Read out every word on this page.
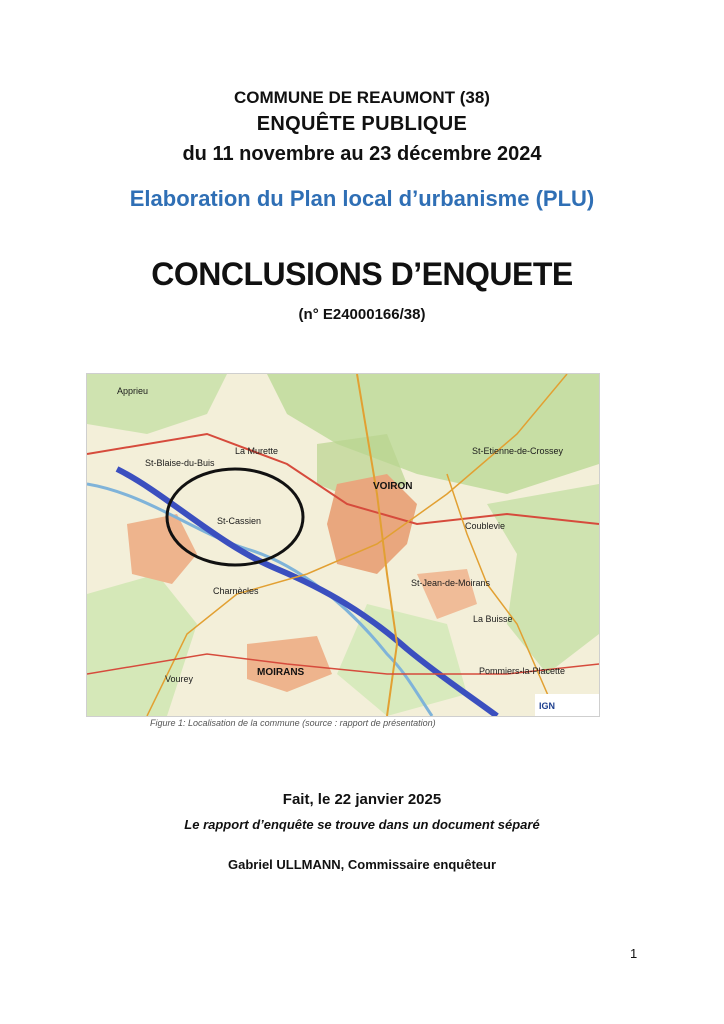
COMMUNE DE REAUMONT (38)
ENQUÊTE PUBLIQUE
du 11 novembre au 23 décembre 2024
Elaboration du Plan local d’urbanisme (PLU)
CONCLUSIONS D’ENQUETE
(n° E24000166/38)
Apprieu
La Murette
St-Blaise-du-Buis
St-Cassien
VOIRON
St-Etienne-de-Crossey
Coublevie
Charnècles
St-Jean-de-Moirans
La Buisse
MOIRANS
Vourey
Pommiers-la-Placette
IGN
Figure 1: Localisation de la commune (source : rapport de présentation)
Fait, le 22 janvier 2025
Le rapport d’enquête se trouve dans un document séparé
Gabriel ULLMANN, Commissaire enquêteur
1
